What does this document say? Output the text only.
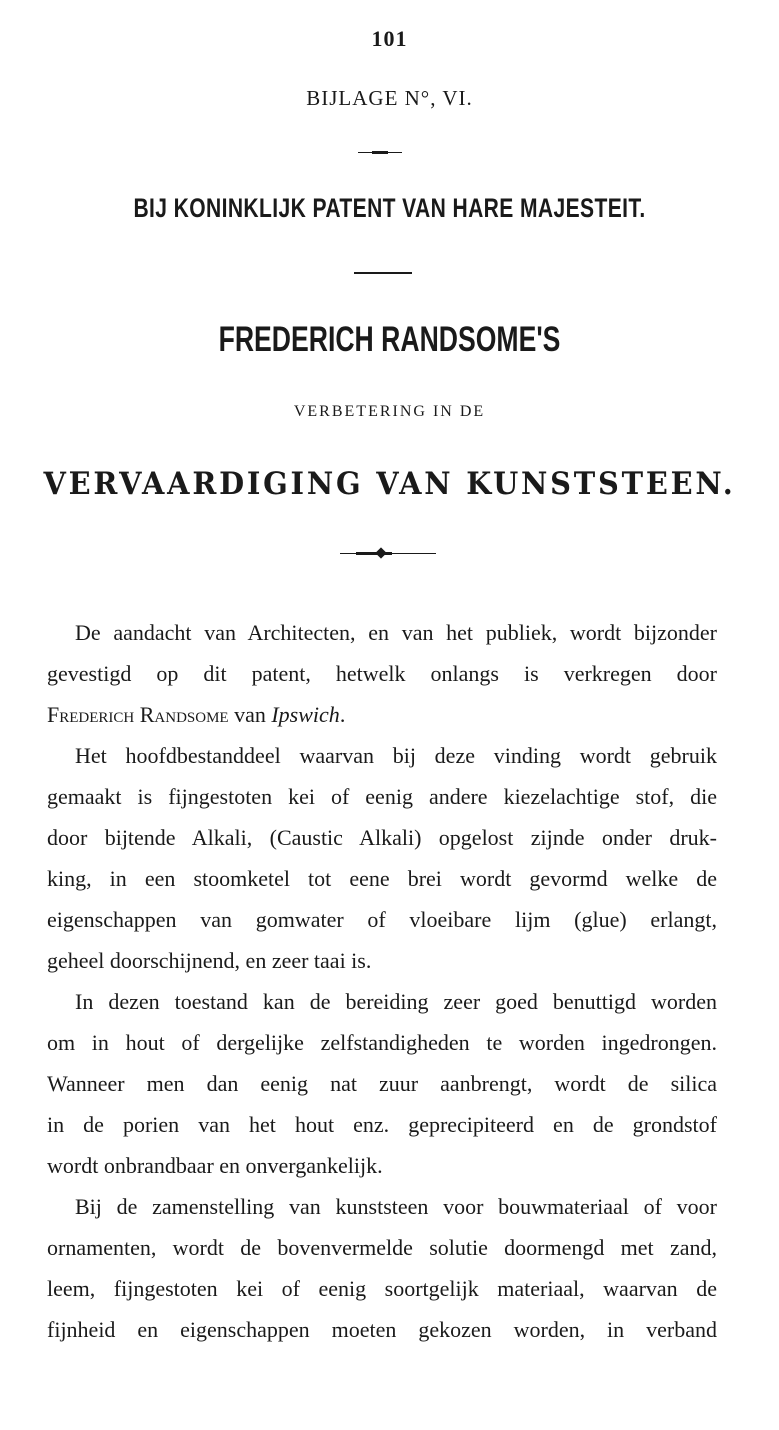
101
BIJLAGE N°, VI.
BIJ KONINKLIJK PATENT VAN HARE MAJESTEIT.
FREDERICH RANDSOME'S
VERBETERING IN DE
VERVAARDIGING VAN KUNSTSTEEN.

De aandacht van Architecten, en van het publiek, wordt bijzonder
gevestigd op dit patent, hetwelk onlangs is verkregen door
Frederich Randsome van Ipswich.

Het hoofdbestanddeel waarvan bij deze vinding wordt gebruik
gemaakt is fijngestoten kei of eenig andere kiezelachtige stof, die
door bijtende Alkali, (Caustic Alkali) opgelost zijnde onder druk-
king, in een stoomketel tot eene brei wordt gevormd welke de
eigenschappen van gomwater of vloeibare lijm (glue) erlangt,
geheel doorschijnend, en zeer taai is.

In dezen toestand kan de bereiding zeer goed benuttigd worden
om in hout of dergelijke zelfstandigheden te worden ingedrongen.
Wanneer men dan eenig nat zuur aanbrengt, wordt de silica
in de porien van het hout enz. geprecipiteerd en de grondstof
wordt onbrandbaar en onvergankelijk.

Bij de zamenstelling van kunststeen voor bouwmateriaal of voor
ornamenten, wordt de bovenvermelde solutie doormengd met zand,
leem, fijngestoten kei of eenig soortgelijk materiaal, waarvan de
fijnheid en eigenschappen moeten gekozen worden, in verband
